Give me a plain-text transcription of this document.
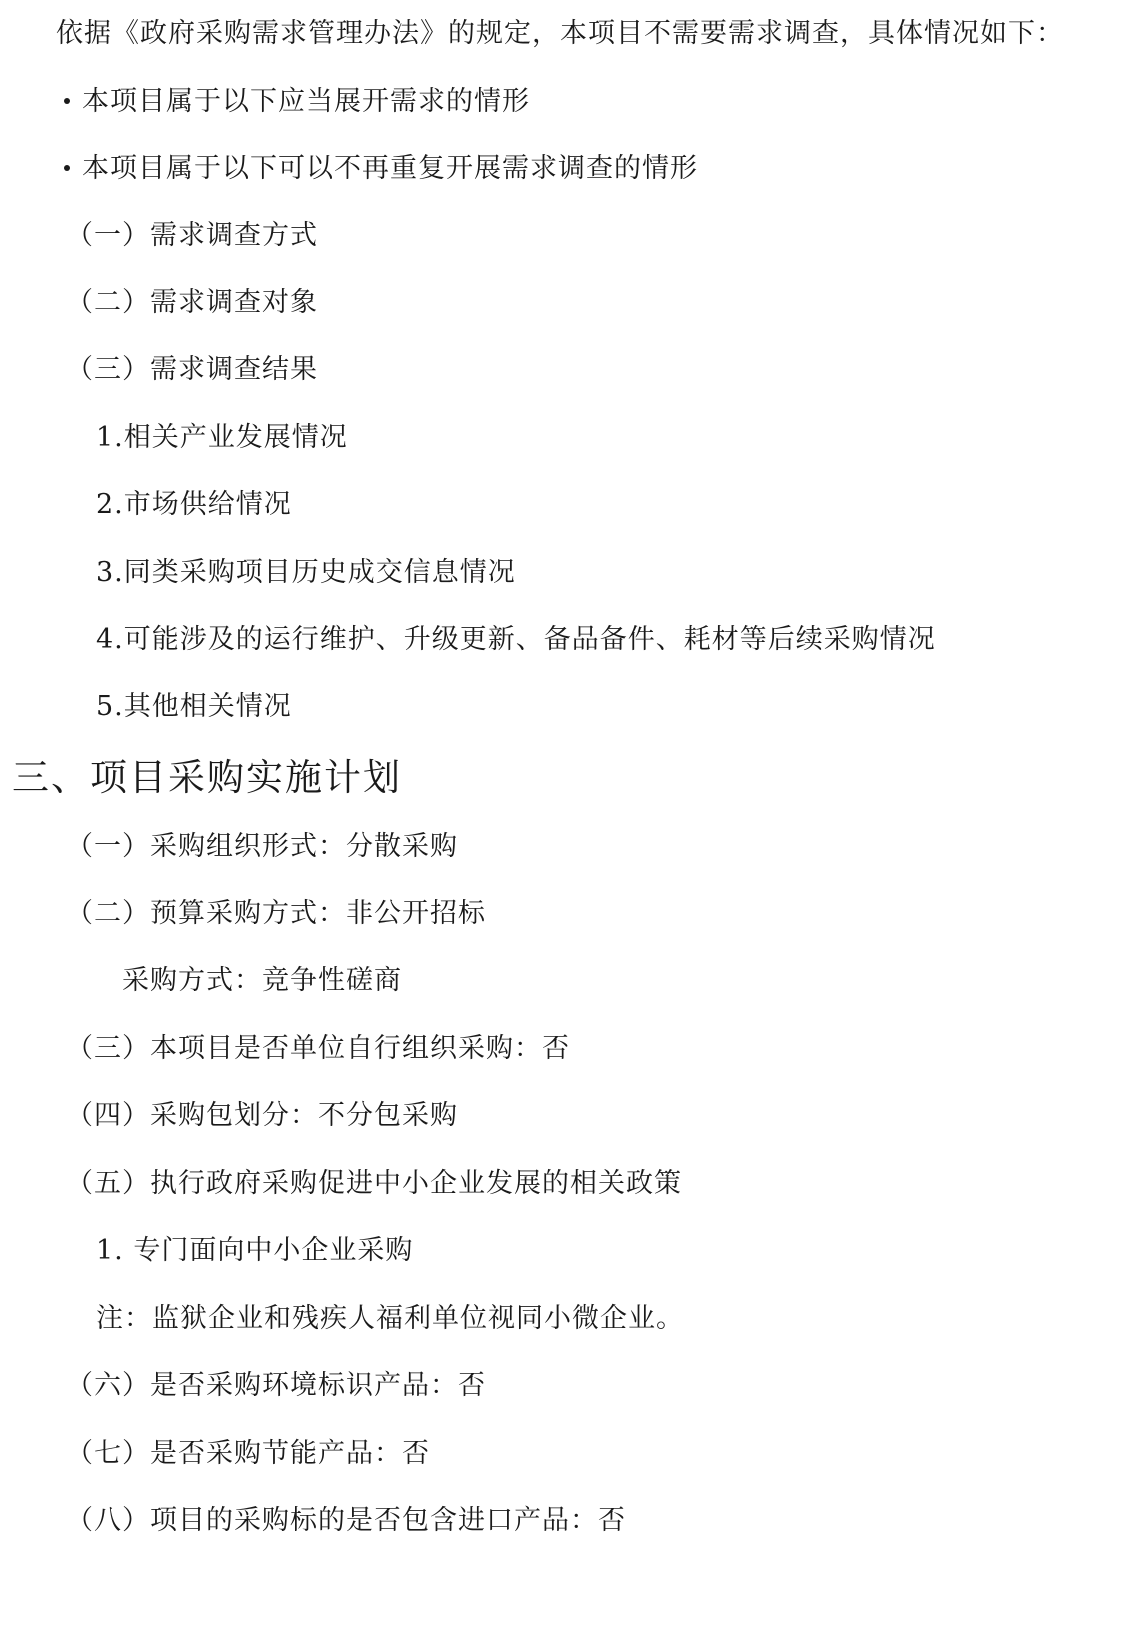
依据《政府采购需求管理办法》的规定，本项目不需要需求调查，具体情况如下：
本项目属于以下应当展开需求的情形
本项目属于以下可以不再重复开展需求调查的情形
（一）需求调查方式
（二）需求调查对象
（三）需求调查结果
1.相关产业发展情况
2.市场供给情况
3.同类采购项目历史成交信息情况
4.可能涉及的运行维护、升级更新、备品备件、耗材等后续采购情况
5.其他相关情况
三、项目采购实施计划
（一）采购组织形式：分散采购
（二）预算采购方式：非公开招标
采购方式：竞争性磋商
（三）本项目是否单位自行组织采购：否
（四）采购包划分：不分包采购
（五）执行政府采购促进中小企业发展的相关政策
1. 专门面向中小企业采购
注：监狱企业和残疾人福利单位视同小微企业。
（六）是否采购环境标识产品：否
（七）是否采购节能产品：否
（八）项目的采购标的是否包含进口产品：否
